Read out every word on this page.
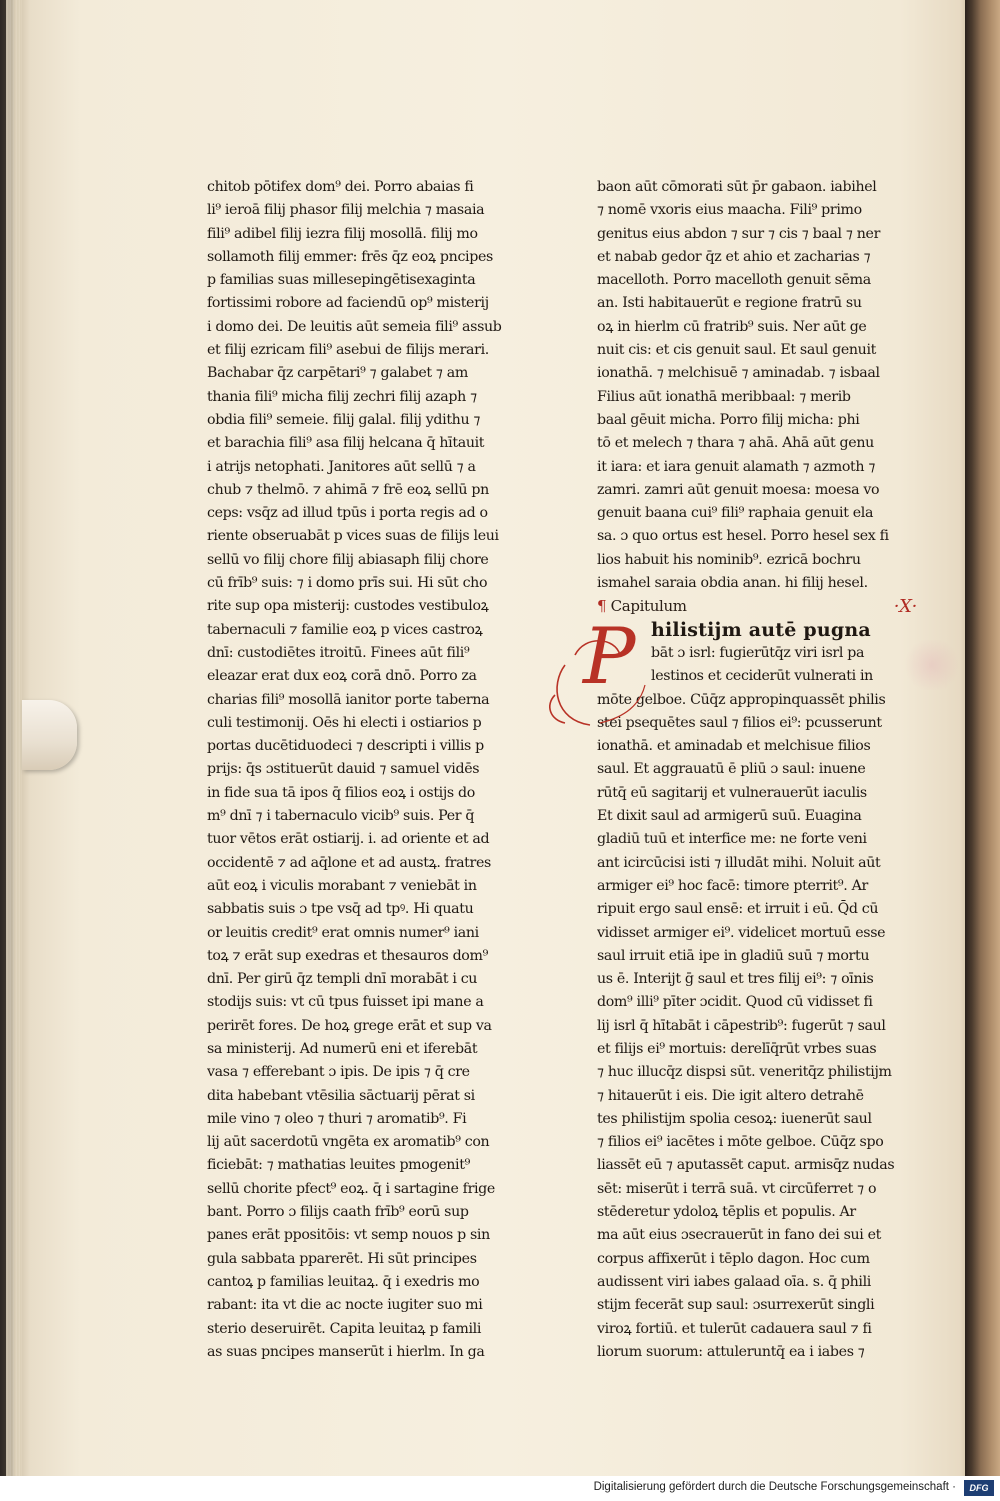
chitob pōtifex dom⁹ dei. Porro abaias fi
li⁹ ieroā filij phasor filij melchia ⁊ masaia
fili⁹ adibel filij iezra filij mosollā. filij mo
sollamoth filij emmer: frēs q̄z eoꝝ pncipes
p familias suas millesepingētisexaginta
fortissimi robore ad faciendū op⁹ misterij
i domo dei. De leuitis aūt semeia fili⁹ assub
et filij ezricam fili⁹ asebui de filijs merari.
Bachabar q̄z carpētari⁹ ⁊ galabet ⁊ am
thania fili⁹ micha filij zechri filij azaph ⁊
obdia fili⁹ semeie. filij galal. filij ydithu ⁊
et barachia fili⁹ asa filij helcana q̄ hītauit
i atrijs netophati. Janitores aūt sellū ⁊ a
chub ⁊ thelmō. ⁊ ahimā ⁊ frē eoꝝ sellū pn
ceps: vsq̄z ad illud tpūs i porta regis ad o
riente obseruabāt p vices suas de filijs leui
sellū vo filij chore filij abiasaph filij chore
cū frīb⁹ suis: ⁊ i domo prīs sui. Hi sūt cho
rite sup opa misterij: custodes vestibuloꝝ
tabernaculi ⁊ familie eoꝝ p vices castroꝝ
dnī: custodiētes itroitū. Finees aūt fili⁹
eleazar erat dux eoꝝ corā dnō. Porro za
charias fili⁹ mosollā ianitor porte taberna
culi testimonij. Oēs hi electi i ostiarios p
portas ducētiduodeci ⁊ descripti i villis p
prijs: q̄s ɔstituerūt dauid ⁊ samuel vidēs
in fide sua tā ipos q̄ filios eoꝝ i ostijs do
m⁹ dnī ⁊ i tabernaculo vicib⁹ suis. Per q̄
tuor vētos erāt ostiarij. i. ad oriente et ad
occidentē ⁊ ad aq̄lone et ad austꝝ. fratres
aūt eoꝝ i viculis morabant ⁊ veniebāt in
sabbatis suis ɔ tpe vsq̄ ad tpꝰ. Hi quatu
or leuitis credit⁹ erat omnis numer⁹ iani
toꝝ ⁊ erāt sup exedras et thesauros dom⁹
dnī. Per girū q̄z templi dnī morabāt i cu
stodijs suis: vt cū tpus fuisset ipi mane a
perirēt fores. De hoꝝ grege erāt et sup va
sa ministerij. Ad numerū eni et iferebāt
vasa ⁊ efferebant ɔ ipis. De ipis ⁊ q̄ cre
dita habebant vtēsilia sāctuarij pērat si
mile vino ⁊ oleo ⁊ thuri ⁊ aromatib⁹. Fi
lij aūt sacerdotū vngēta ex aromatib⁹ con
ficiebāt: ⁊ mathatias leuites pmogenit⁹
sellū chorite pfect⁹ eoꝝ. q̄ i sartagine frige
bant. Porro ɔ filijs caath frīb⁹ eorū sup
panes erāt ppositōis: vt semp nouos p sin
gula sabbata pparerēt. Hi sūt principes
cantoꝝ p familias leuitaꝝ. q̄ i exedris mo
rabant: ita vt die ac nocte iugiter suo mi
sterio deseruirēt. Capita leuitaꝝ p famili
as suas pncipes manserūt i hierlm. In ga
baon aūt cōmorati sūt p̄r gabaon. iabihel
⁊ nomē vxoris eius maacha. Fili⁹ primo
genitus eius abdon ⁊ sur ⁊ cis ⁊ baal ⁊ ner
et nabab gedor q̄z et ahio et zacharias ⁊
macelloth. Porro macelloth genuit sēma
an. Isti habitauerūt e regione fratrū su
oꝝ in hierlm cū fratrib⁹ suis. Ner aūt ge
nuit cis: et cis genuit saul. Et saul genuit
ionathā. ⁊ melchisuē ⁊ aminadab. ⁊ isbaal
Filius aūt ionathā meribbaal: ⁊ merib
baal gēuit micha. Porro filij micha: phi
tō et melech ⁊ thara ⁊ ahā. Ahā aūt genu
it iara: et iara genuit alamath ⁊ azmoth ⁊
zamri. zamri aūt genuit moesa: moesa vo
genuit baana cui⁹ fili⁹ raphaia genuit ela
sa. ɔ quo ortus est hesel. Porro hesel sex fi
lios habuit his nominib⁹. ezricā bochru
ismahel saraia obdia anan. hi filij hesel.
¶ Capitulum	·X·
P hilistijm autē pugna
bāt ɔ isrl: fugierūtq̄z viri isrl pa
lestinos et ceciderūt vulnerati in
mōte gelboe. Cūq̄z appropinquassēt philis
stei psequētes saul ⁊ filios ei⁹: pcusserunt
ionathā. et aminadab et melchisue filios
saul. Et aggrauatū ē pliū ɔ saul: inuene
rūtq̄ eū sagitarij et vulnerauerūt iaculis
Et dixit saul ad armigerū suū. Euagina
gladiū tuū et interfice me: ne forte veni
ant icircūcisi isti ⁊ illudāt mihi. Noluit aūt
armiger ei⁹ hoc facē: timore pterrit⁹. Ar
ripuit ergo saul ensē: et irruit i eū. Q̄d cū
vidisset armiger ei⁹. videlicet mortuū esse
saul irruit etiā ipe in gladiū suū ⁊ mortu
us ē. Interijt ḡ saul et tres filij ei⁹: ⁊ oīnis
dom⁹ illi⁹ pīter ɔcidit. Quod cū vidisset fi
lij isrl q̄ hītabāt i cāpestrib⁹: fugerūt ⁊ saul
et filijs ei⁹ mortuis: derelīq̄rūt vrbes suas
⁊ huc illucq̄z dispsi sūt. veneritq̄z philistijm
⁊ hitauerūt i eis. Die igit altero detrahē
tes philistijm spolia cesoꝝ: iuenerūt saul
⁊ filios ei⁹ iacētes i mōte gelboe. Cūq̄z spo
liassēt eū ⁊ aputassēt caput. armisq̄z nudas
sēt: miserūt i terrā suā. vt circūferret ⁊ o
stēderetur ydoloꝝ tēplis et populis. Ar
ma aūt eius ɔsecrauerūt in fano dei sui et
corpus affixerūt i tēplo dagon. Hoc cum
audissent viri iabes galaad oīa. s. q̄ phili
stijm fecerāt sup saul: ɔsurrexerūt singli
viroꝝ fortiū. et tulerūt cadauera saul ⁊ fi
liorum suorum: attuleruntq̄ ea i iabes ⁊
Digitalisierung gefördert durch die Deutsche Forschungsgemeinschaft ·	DFG
